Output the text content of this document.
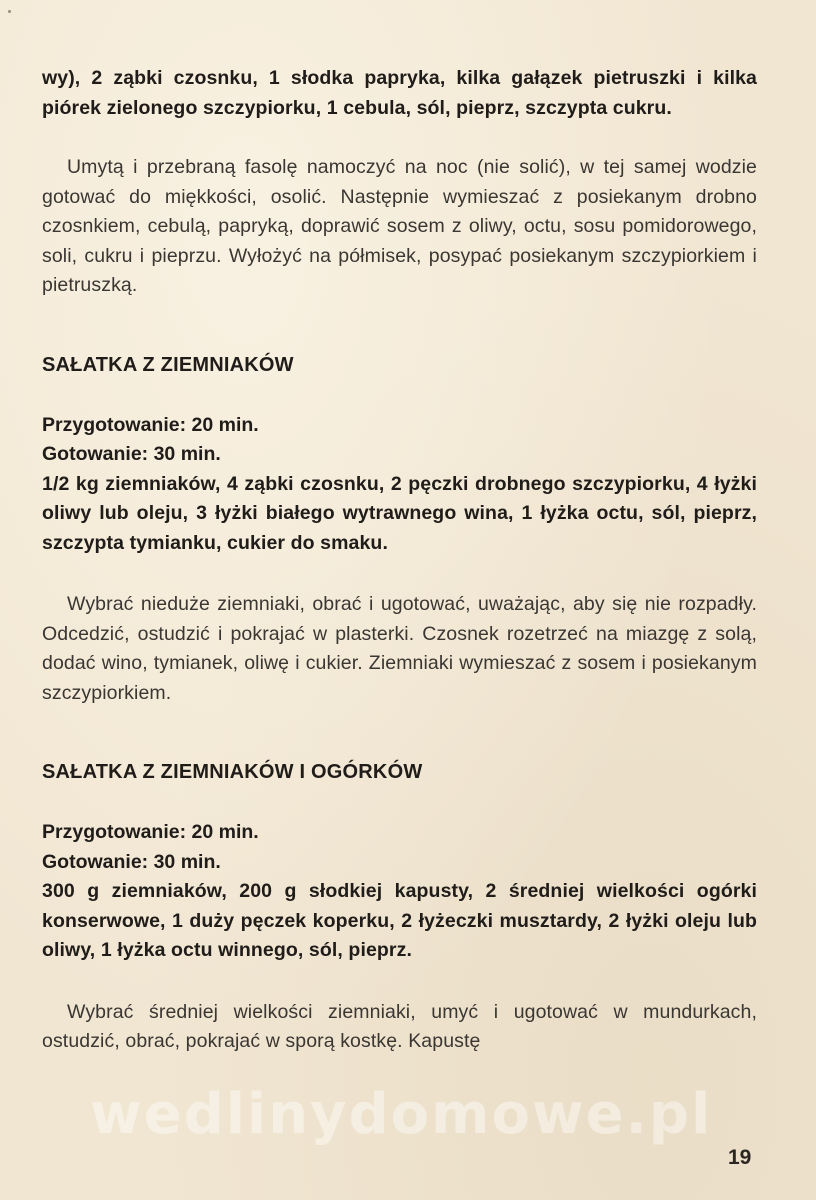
wy), 2 ząbki czosnku, 1 słodka papryka, kilka gałązek pietruszki i kilka piórek zielonego szczypiorku, 1 cebula, sól, pieprz, szczypta cukru.

Umytą i przebraną fasolę namoczyć na noc (nie solić), w tej samej wodzie gotować do miękkości, osolić. Następnie wymieszać z posiekanym drobno czosnkiem, cebulą, papryką, doprawić sosem z oliwy, octu, sosu pomidorowego, soli, cukru i pieprzu. Wyłożyć na półmisek, posypać posiekanym szczypiorkiem i pietruszką.

SAŁATKA Z ZIEMNIAKÓW

Przygotowanie: 20 min.

Gotowanie: 30 min.

1/2 kg ziemniaków, 4 ząbki czosnku, 2 pęczki drobnego szczypiorku, 4 łyżki oliwy lub oleju, 3 łyżki białego wytrawnego wina, 1 łyżka octu, sól, pieprz, szczypta tymianku, cukier do smaku.

Wybrać nieduże ziemniaki, obrać i ugotować, uważając, aby się nie rozpadły. Odcedzić, ostudzić i pokrajać w plasterki. Czosnek rozetrzeć na miazgę z solą, dodać wino, tymianek, oliwę i cukier. Ziemniaki wymieszać z sosem i posiekanym szczypiorkiem.

SAŁATKA Z ZIEMNIAKÓW I OGÓRKÓW

Przygotowanie: 20 min.

Gotowanie: 30 min.

300 g ziemniaków, 200 g słodkiej kapusty, 2 średniej wielkości ogórki konserwowe, 1 duży pęczek koperku, 2 łyżeczki musztardy, 2 łyżki oleju lub oliwy, 1 łyżka octu winnego, sól, pieprz.

Wybrać średniej wielkości ziemniaki, umyć i ugotować w mundurkach, ostudzić, obrać, pokrajać w sporą kostkę. Kapustę

wedlinydomowe.pl
19
